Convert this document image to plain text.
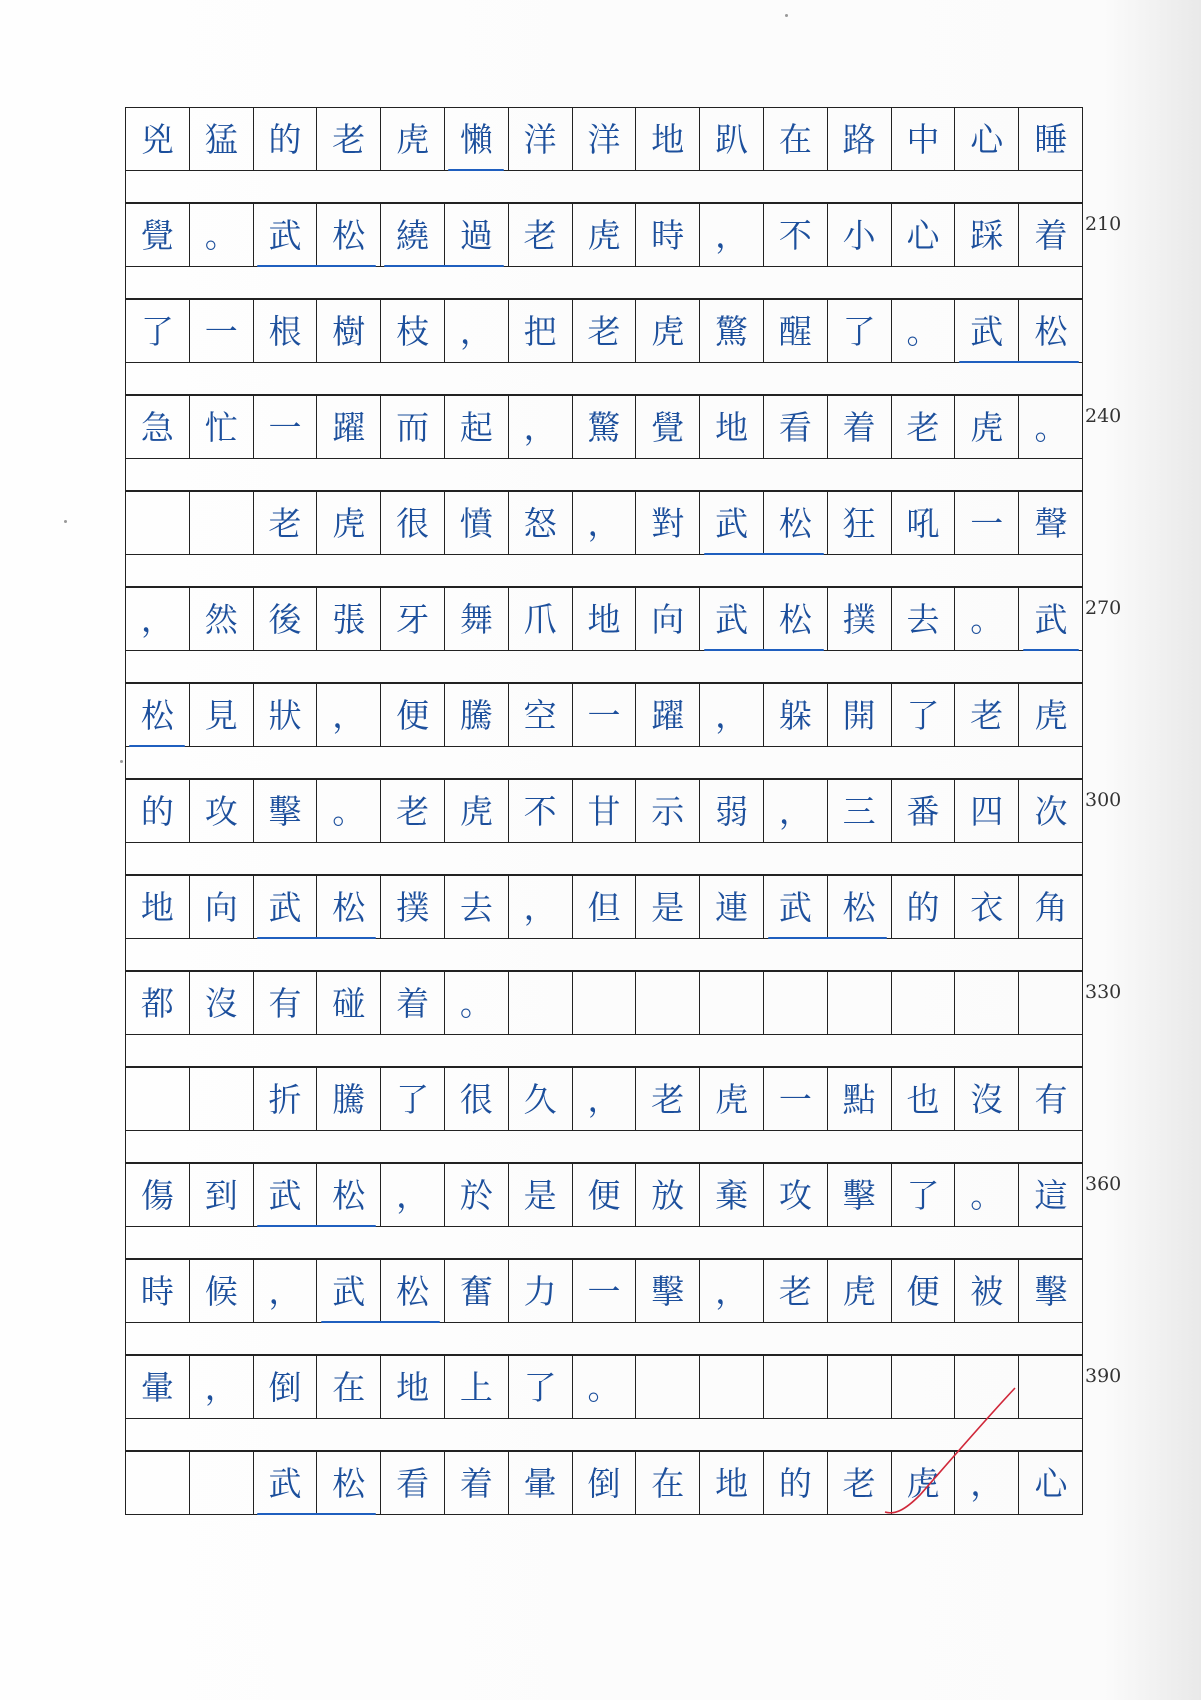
兇 猛 的 老 虎 懶 洋 洋 地 趴 在 路 中 心 睡
覺 。 武 松 繞 過 老 虎 時 ， 不 小 心 踩 着
了 一 根 樹 枝 ， 把 老 虎 驚 醒 了 。 武 松
急 忙 一 躍 而 起 ， 驚 覺 地 看 着 老 虎 。
老 虎 很 憤 怒 ， 對 武 松 狂 吼 一 聲
， 然 後 張 牙 舞 爪 地 向 武 松 撲 去 。 武
松 見 狀 ， 便 騰 空 一 躍 ， 躲 開 了 老 虎
的 攻 擊 。 老 虎 不 甘 示 弱 ， 三 番 四 次
地 向 武 松 撲 去 ， 但 是 連 武 松 的 衣 角
都 沒 有 碰 着 。
折 騰 了 很 久 ， 老 虎 一 點 也 沒 有
傷 到 武 松 ， 於 是 便 放 棄 攻 擊 了 。 這
時 候 ， 武 松 奮 力 一 擊 ， 老 虎 便 被 擊
暈 ， 倒 在 地 上 了 。
武 松 看 着 暈 倒 在 地 的 老 虎 ， 心
210
240
270
300
330
360
390
